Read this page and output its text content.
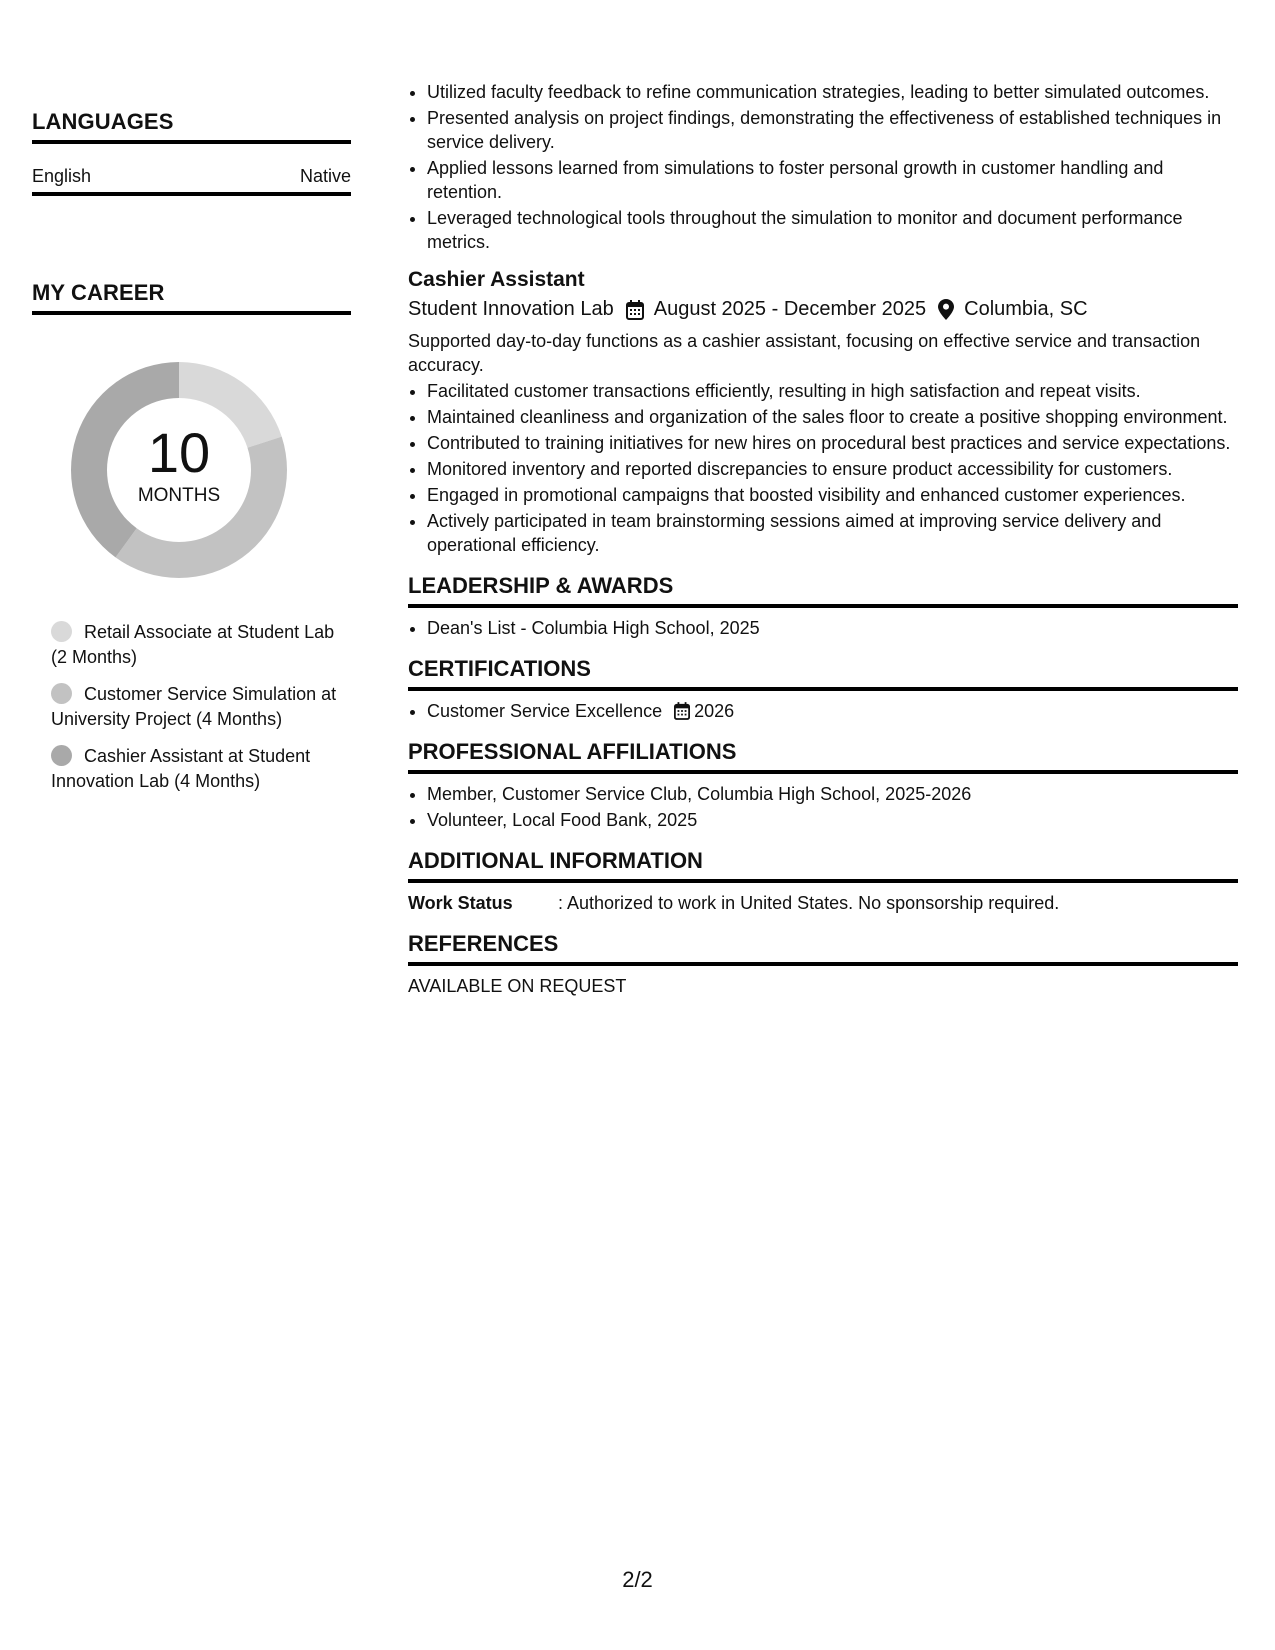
LANGUAGES
English	Native
MY CAREER
10
MONTHS
Retail Associate at Student Lab (2 Months)
Customer Service Simulation at University Project (4 Months)
Cashier Assistant at Student Innovation Lab (4 Months)
• Utilized faculty feedback to refine communication strategies, leading to better simulated outcomes.
• Presented analysis on project findings, demonstrating the effectiveness of established techniques in service delivery.
• Applied lessons learned from simulations to foster personal growth in customer handling and retention.
• Leveraged technological tools throughout the simulation to monitor and document performance metrics.
Cashier Assistant
Student Innovation Lab August 2025 - December 2025 Columbia, SC

Supported day-to-day functions as a cashier assistant, focusing on effective service and transaction accuracy.

• Facilitated customer transactions efficiently, resulting in high satisfaction and repeat visits.
• Maintained cleanliness and organization of the sales floor to create a positive shopping environment.
• Contributed to training initiatives for new hires on procedural best practices and service expectations.
• Monitored inventory and reported discrepancies to ensure product accessibility for customers.
• Engaged in promotional campaigns that boosted visibility and enhanced customer experiences.
• Actively participated in team brainstorming sessions aimed at improving service delivery and operational efficiency.
LEADERSHIP & AWARDS
• Dean's List - Columbia High School, 2025
CERTIFICATIONS
• Customer Service Excellence 2026
PROFESSIONAL AFFILIATIONS
• Member, Customer Service Club, Columbia High School, 2025-2026
• Volunteer, Local Food Bank, 2025
ADDITIONAL INFORMATION
Work Status	: Authorized to work in United States. No sponsorship required.
REFERENCES
AVAILABLE ON REQUEST
2/2
